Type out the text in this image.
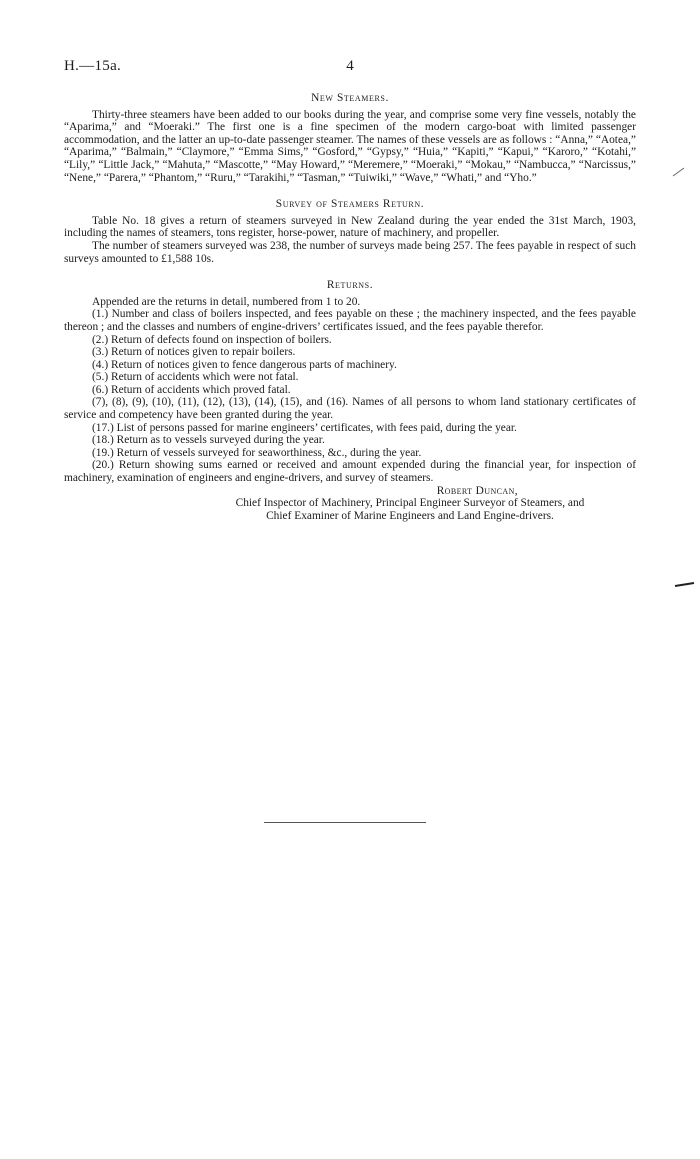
H.—15a.	4
New Steamers.

Thirty-three steamers have been added to our books during the year, and comprise some very fine vessels, notably the “Aparima,” and “Moeraki.” The first one is a fine specimen of the modern cargo-boat with limited passenger accommodation, and the latter an up-to-date passenger steamer. The names of these vessels are as follows : “Anna,” “Aotea,” “Aparima,” “Balmain,” “Claymore,” “Emma Sims,” “Gosford,” “Gypsy,” “Huia,” “Kapiti,” “Kapui,” “Karoro,” “Kotahi,” “Lily,” “Little Jack,” “Mahuta,” “Mascotte,” “May Howard,” “Meremere,” “Moeraki,” “Mokau,” “Nambucca,” “Narcissus,” “Nene,” “Parera,” “Phantom,” “Ruru,” “Tarakihi,” “Tasman,” “Tuiwiki,” “Wave,” “Whati,” and “Yho.”

Survey of Steamers Return.

Table No. 18 gives a return of steamers surveyed in New Zealand during the year ended the 31st March, 1903, including the names of steamers, tons register, horse-power, nature of machinery, and propeller.

The number of steamers surveyed was 238, the number of surveys made being 257. The fees payable in respect of such surveys amounted to £1,588 10s.

Returns.

Appended are the returns in detail, numbered from 1 to 20.

(1.) Number and class of boilers inspected, and fees payable on these ; the machinery inspected, and the fees payable thereon ; and the classes and numbers of engine-drivers’ certificates issued, and the fees payable therefor.

(2.) Return of defects found on inspection of boilers.

(3.) Return of notices given to repair boilers.

(4.) Return of notices given to fence dangerous parts of machinery.

(5.) Return of accidents which were not fatal.

(6.) Return of accidents which proved fatal.

(7), (8), (9), (10), (11), (12), (13), (14), (15), and (16). Names of all persons to whom land stationary certificates of service and competency have been granted during the year.

(17.) List of persons passed for marine engineers’ certificates, with fees paid, during the year.

(18.) Return as to vessels surveyed during the year.

(19.) Return of vessels surveyed for seaworthiness, &c., during the year.

(20.) Return showing sums earned or received and amount expended during the financial year, for inspection of machinery, examination of engineers and engine-drivers, and survey of steamers.

Robert Duncan,
Chief Inspector of Machinery, Principal Engineer Surveyor of Steamers, and
Chief Examiner of Marine Engineers and Land Engine-drivers.
